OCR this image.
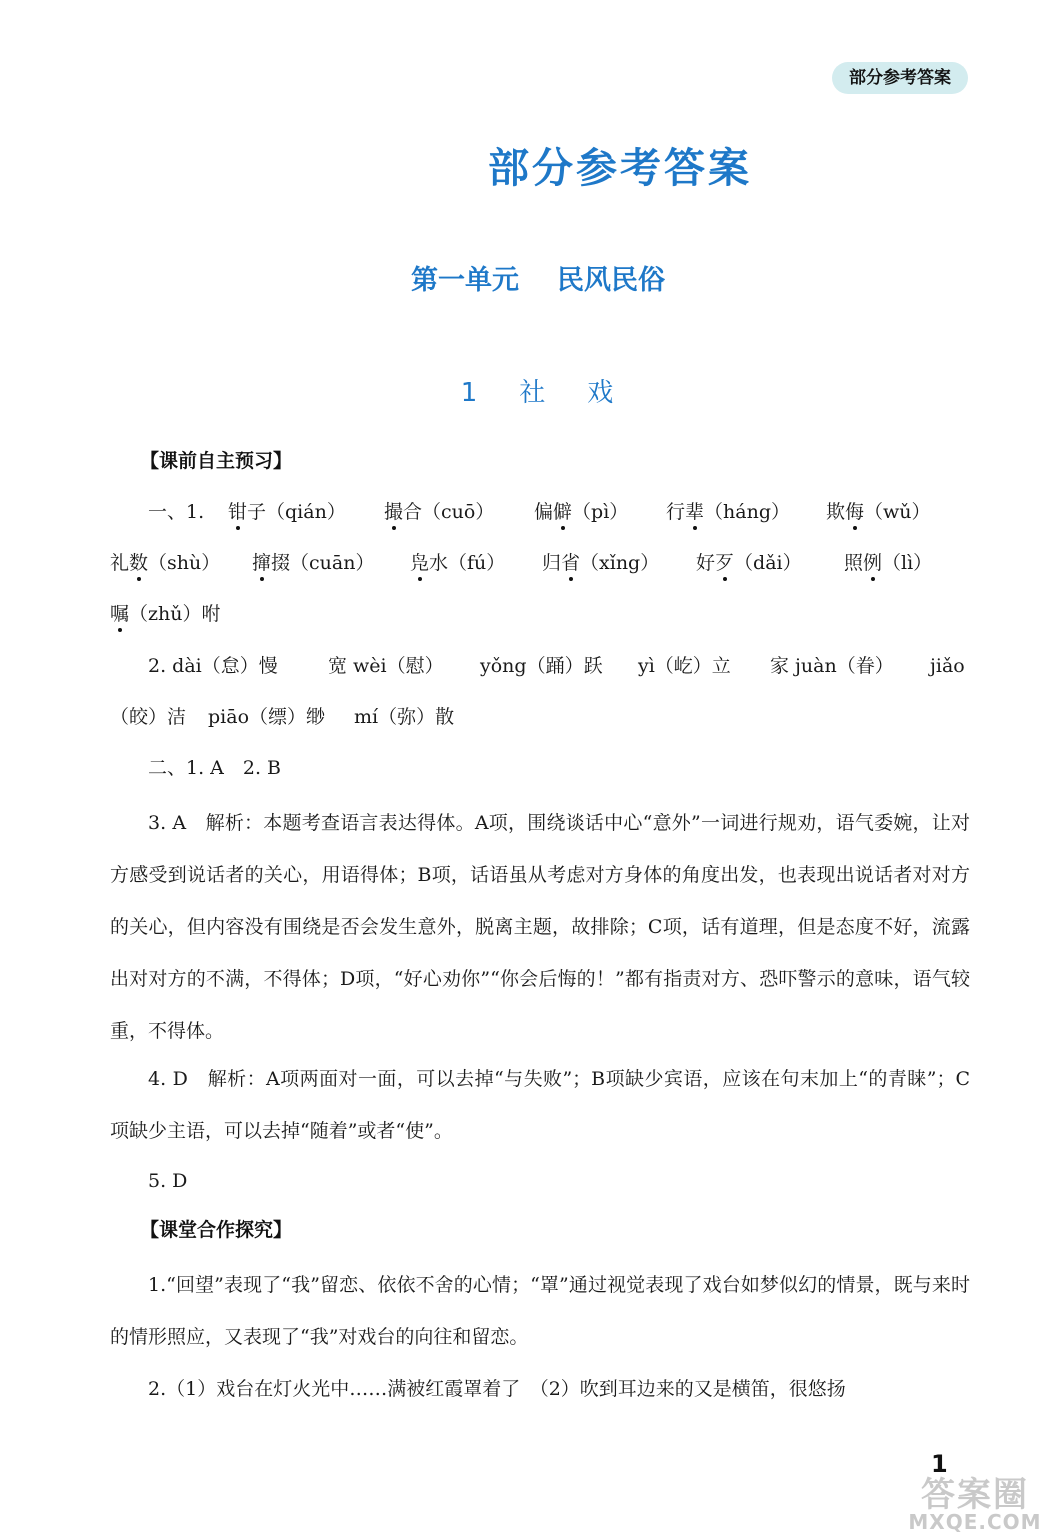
部分参考答案
部分参考答案
第一单元 民风民俗
1　社　戏
【课前自主预习】
一、1. 钳子（qián） 撮合（cuō） 偏僻（pì） 行辈（háng） 欺侮（wǔ）
礼数（shù） 撺掇（cuān） 凫水（fú） 归省（xǐng） 好歹（dǎi） 照例（lì）
嘱（zhǔ）咐
2. dài（怠）慢	宽 wèi（慰） yǒng（踊）跃 yì（屹）立 家 juàn（眷） jiǎo
（皎）洁 piāo（缥）缈 mí（弥）散
二、1. A　2. B
3. A　解析：本题考查语言表达得体。A项，围绕谈话中心“意外”一词进行规劝，语气委婉，让对方感受到说话者的关心，用语得体；B项，话语虽从考虑对方身体的角度出发，也表现出说话者对对方的关心，但内容没有围绕是否会发生意外，脱离主题，故排除；C项，话有道理，但是态度不好，流露出对对方的不满，不得体；D项，“好心劝你”“你会后悔的！”都有指责对方、恐吓警示的意味，语气较重，不得体。
4. D　解析：A项两面对一面，可以去掉“与失败”；B项缺少宾语，应该在句末加上“的青睐”；C项缺少主语，可以去掉“随着”或者“使”。
5. D
【课堂合作探究】
1.“回望”表现了“我”留恋、依依不舍的心情；“罩”通过视觉表现了戏台如梦似幻的情景，既与来时的情形照应，又表现了“我”对戏台的向往和留恋。
2.（1）戏台在灯火光中……满被红霞罩着了　（2）吹到耳边来的又是横笛，很悠扬
1
答案圈
MXQE.COM
